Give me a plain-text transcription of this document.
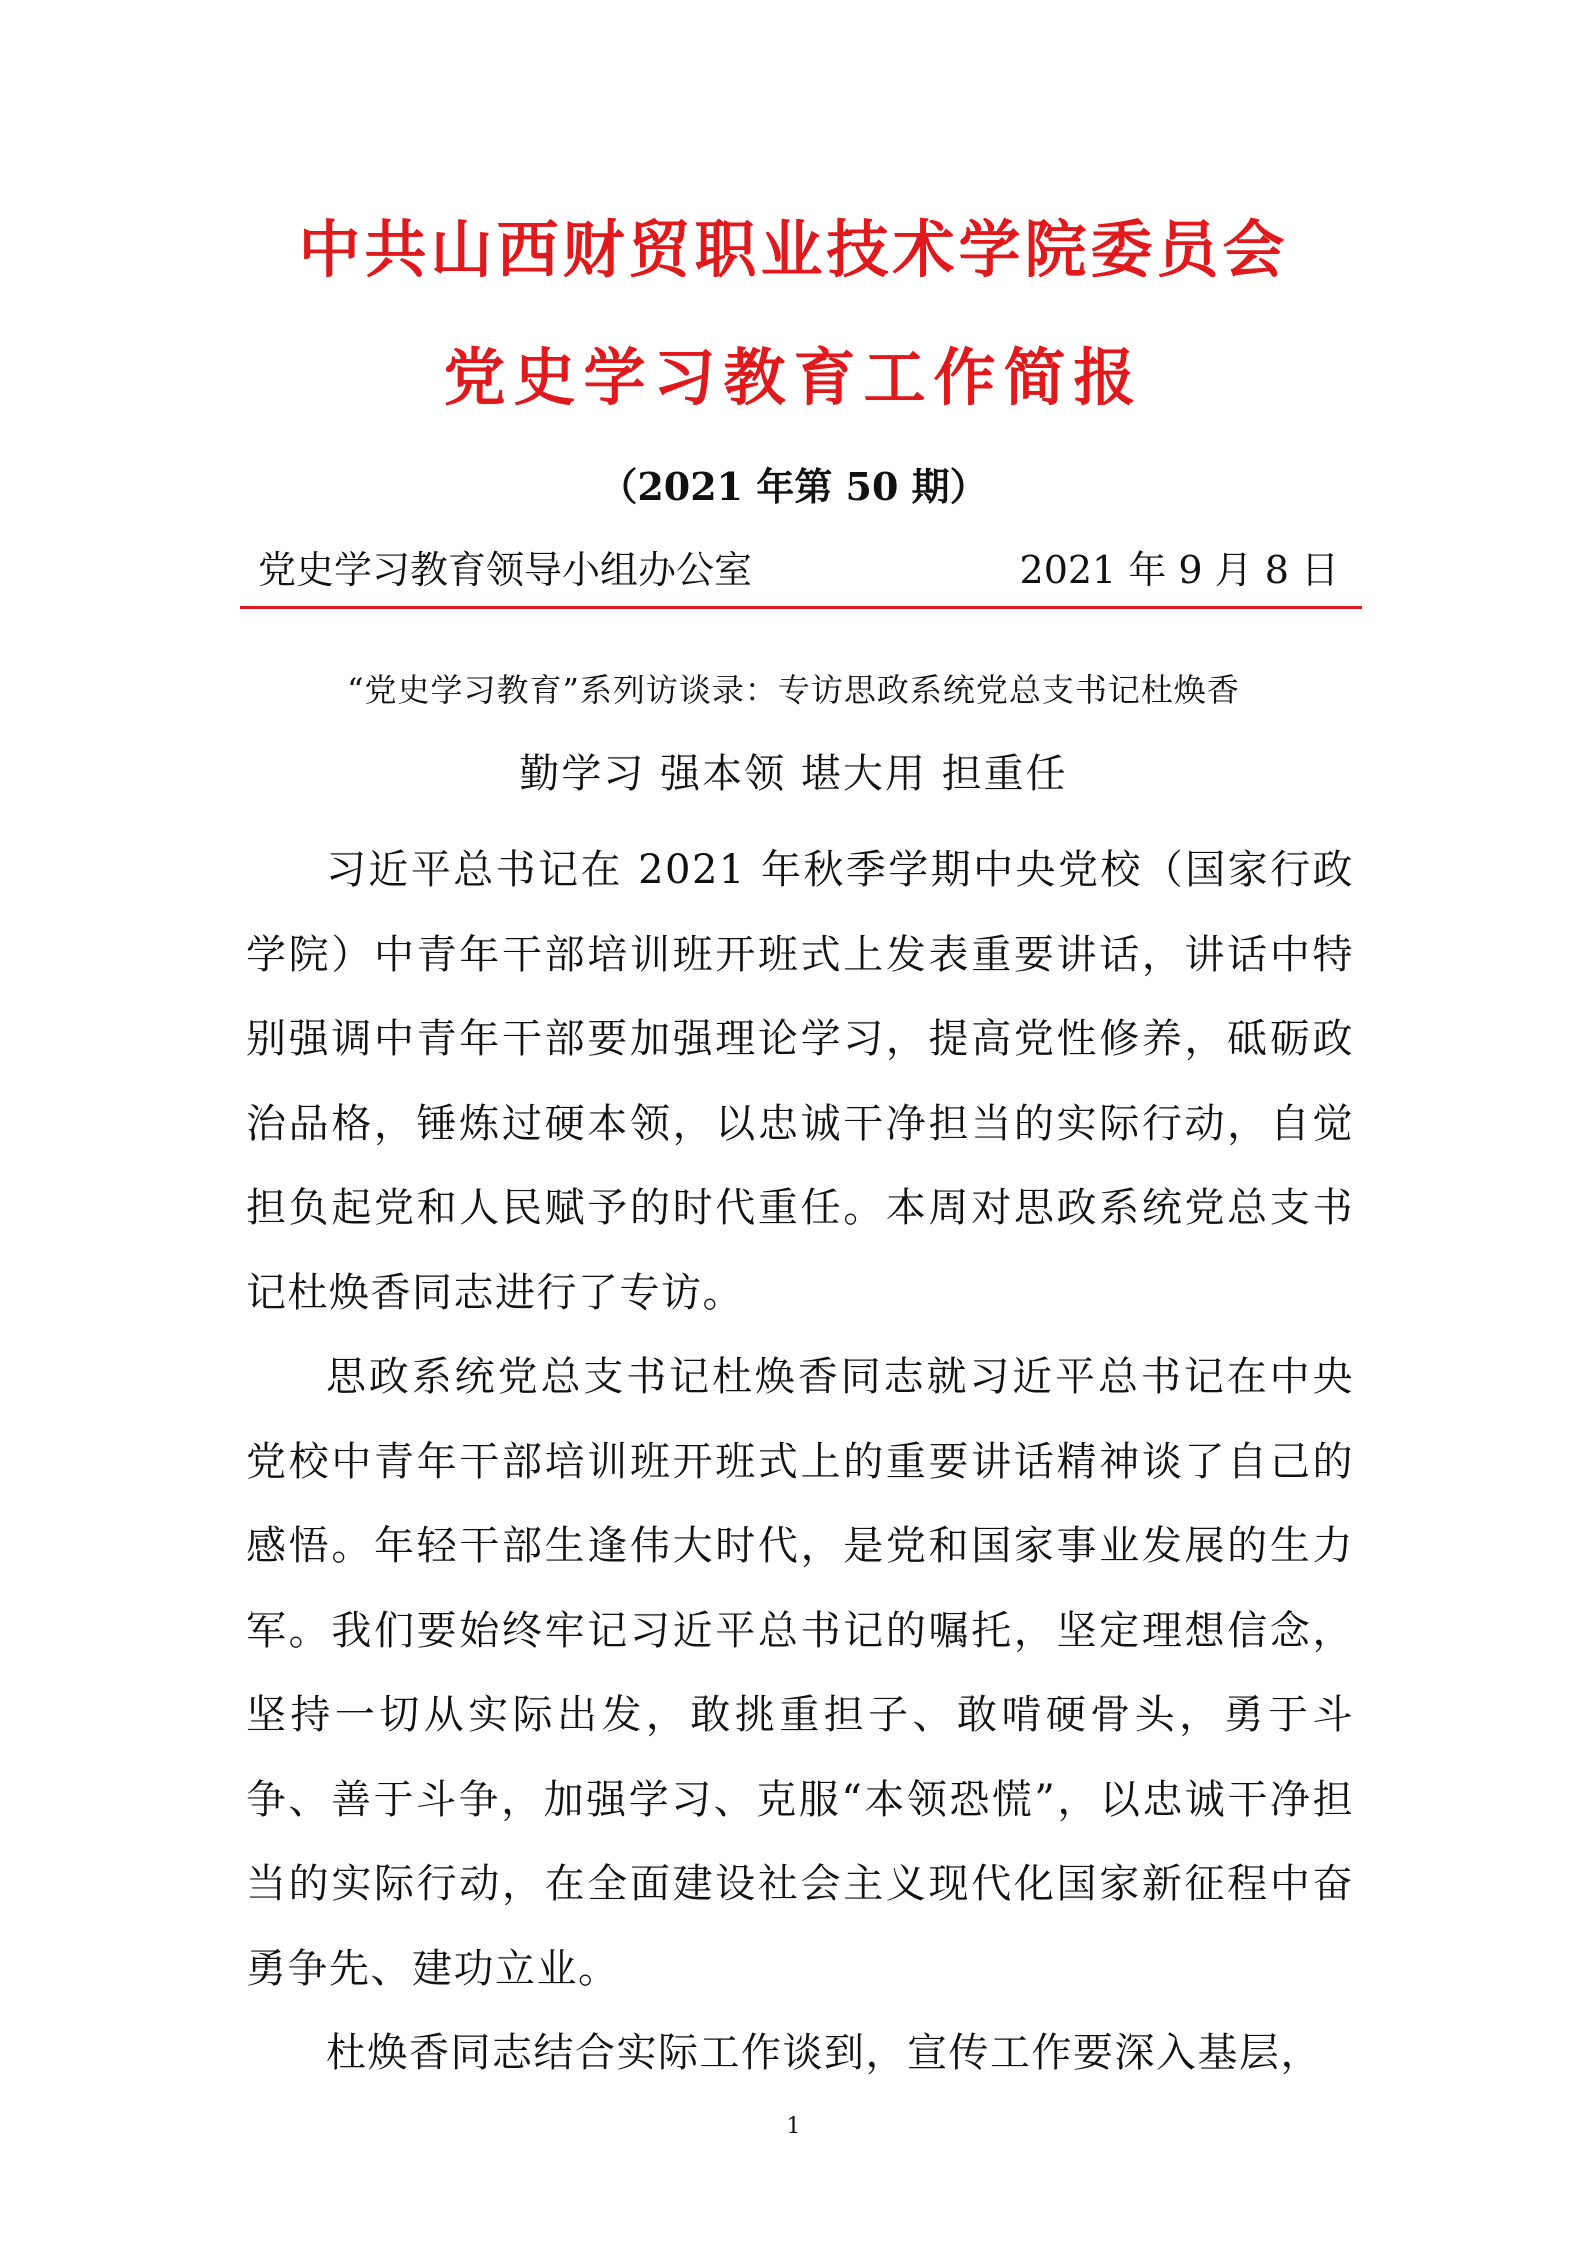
中共山西财贸职业技术学院委员会
党史学习教育工作简报
（2021 年第 50 期）
党史学习教育领导小组办公室	2021 年 9 月 8 日
“党史学习教育”系列访谈录：专访思政系统党总支书记杜焕香
勤学习 强本领 堪大用 担重任

习近平总书记在 2021 年秋季学期中央党校（国家行政学院）中青年干部培训班开班式上发表重要讲话，讲话中特别强调中青年干部要加强理论学习，提高党性修养，砥砺政治品格，锤炼过硬本领，以忠诚干净担当的实际行动，自觉担负起党和人民赋予的时代重任。本周对思政系统党总支书记杜焕香同志进行了专访。

思政系统党总支书记杜焕香同志就习近平总书记在中央党校中青年干部培训班开班式上的重要讲话精神谈了自己的感悟。年轻干部生逢伟大时代，是党和国家事业发展的生力军。我们要始终牢记习近平总书记的嘱托，坚定理想信念，坚持一切从实际出发，敢挑重担子、敢啃硬骨头，勇于斗争、善于斗争，加强学习、克服“本领恐慌”，以忠诚干净担当的实际行动，在全面建设社会主义现代化国家新征程中奋勇争先、建功立业。

杜焕香同志结合实际工作谈到，宣传工作要深入基层，

1
